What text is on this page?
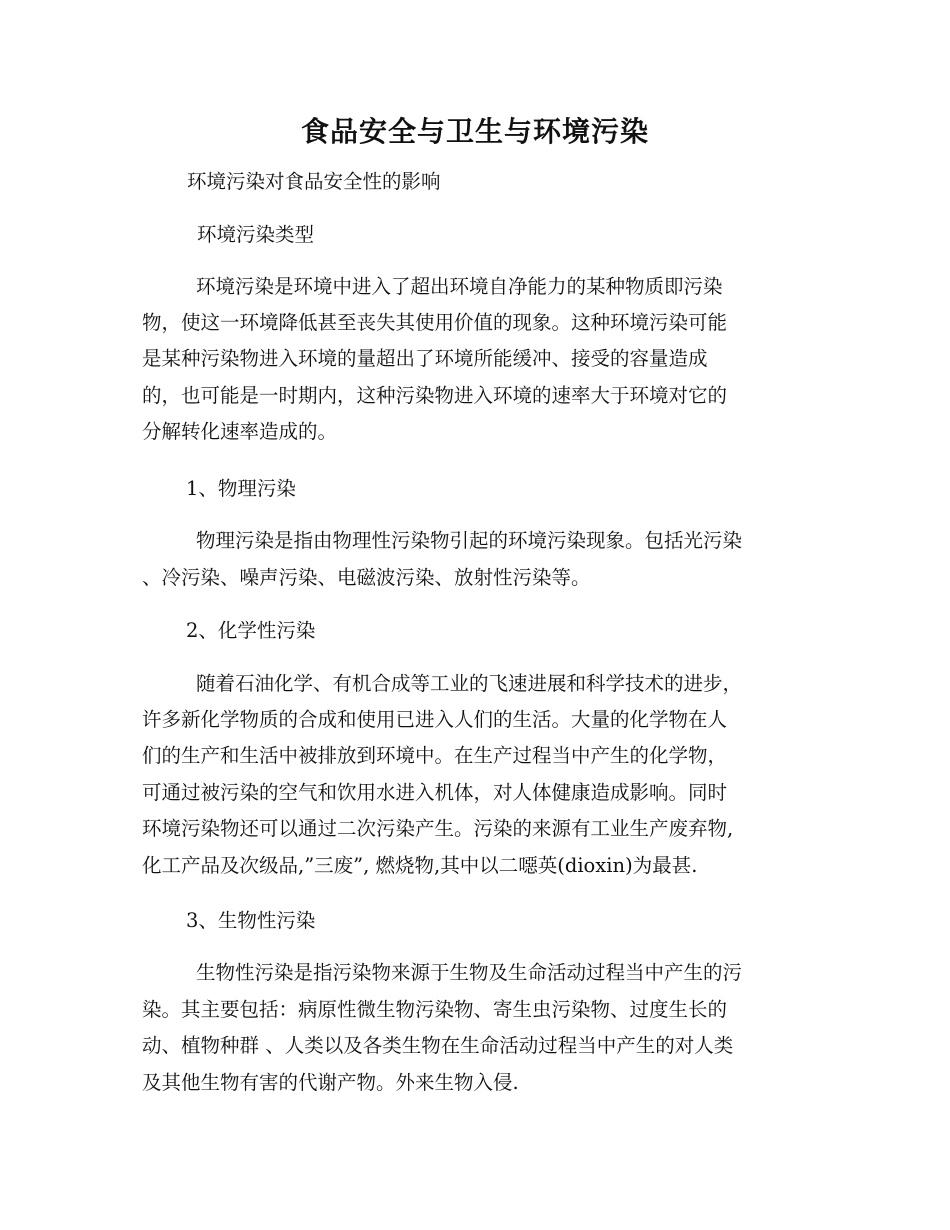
食品安全与卫生与环境污染
环境污染对食品安全性的影响
环境污染类型
环境污染是环境中进入了超出环境自净能力的某种物质即污染
物，使这一环境降低甚至丧失其使用价值的现象。这种环境污染可能
是某种污染物进入环境的量超出了环境所能缓冲、接受的容量造成
的，也可能是一时期内，这种污染物进入环境的速率大于环境对它的
分解转化速率造成的。
1、物理污染
物理污染是指由物理性污染物引起的环境污染现象。包括光污染
、冷污染、噪声污染、电磁波污染、放射性污染等。
2、化学性污染
随着石油化学、有机合成等工业的飞速进展和科学技术的进步，
许多新化学物质的合成和使用已进入人们的生活。大量的化学物在人
们的生产和生活中被排放到环境中。在生产过程当中产生的化学物，
可通过被污染的空气和饮用水进入机体，对人体健康造成影响。同时
环境污染物还可以通过二次污染产生。污染的来源有工业生产废弃物,
化工产品及次级品,”三废”, 燃烧物,其中以二噁英(dioxin)为最甚.
3、生物性污染
生物性污染是指污染物来源于生物及生命活动过程当中产生的污
染。其主要包括：病原性微生物污染物、寄生虫污染物、过度生长的
动、植物种群 、人类以及各类生物在生命活动过程当中产生的对人类
及其他生物有害的代谢产物。外来生物入侵.
